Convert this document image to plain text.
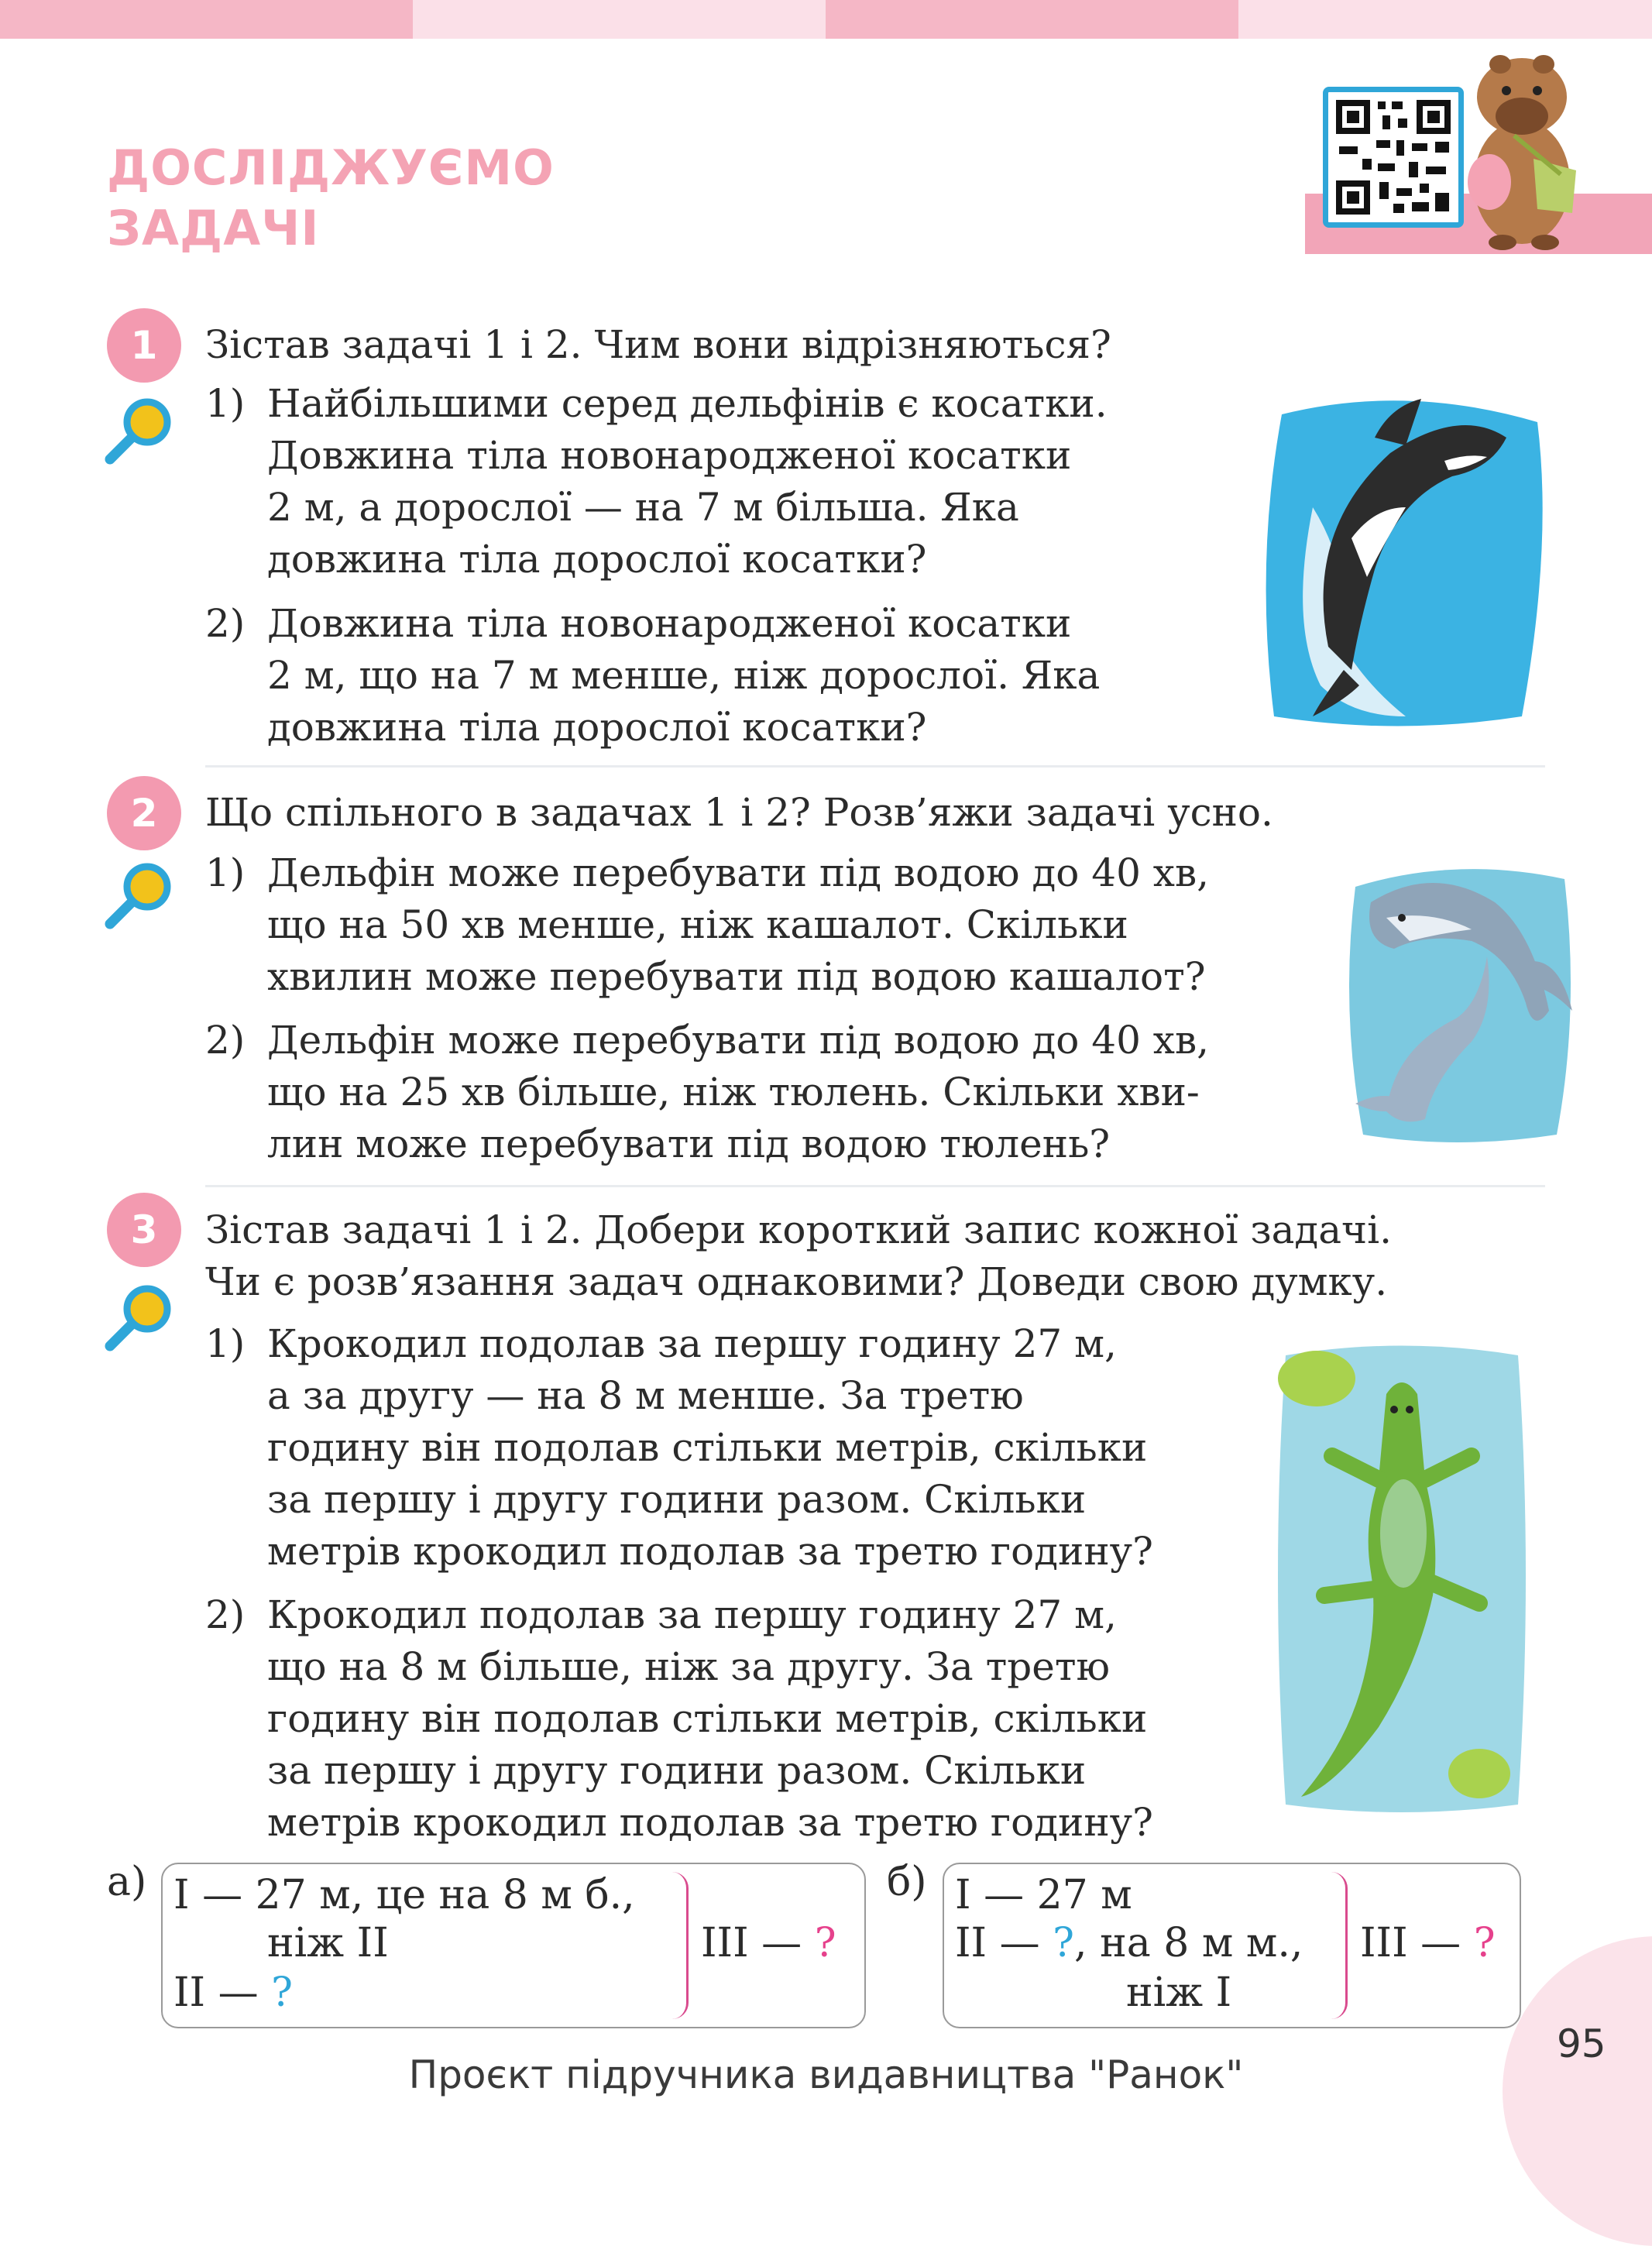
ДОСЛІДЖУЄМО
ЗАДАЧІ
1	Зістав задачі 1 і 2. Чим вони відрізняються?
1) Найбільшими серед дельфінів є косатки.
Довжина тіла новонародженої косатки
2 м, а дорослої — на 7 м більша. Яка
довжина тіла дорослої косатки?
2) Довжина тіла новонародженої косатки
2 м, що на 7 м менше, ніж дорослої. Яка
довжина тіла дорослої косатки?
2	Що спільного в задачах 1 і 2? Розв’яжи задачі усно.
1) Дельфін може перебувати під водою до 40 хв,
що на 50 хв менше, ніж кашалот. Скільки
хвилин може перебувати під водою кашалот?
2) Дельфін може перебувати під водою до 40 хв,
що на 25 хв більше, ніж тюлень. Скільки хви-
лин може перебувати під водою тюлень?
3	Зістав задачі 1 і 2. Добери короткий запис кожної задачі.
Чи є розв’язання задач однаковими? Доведи свою думку.
1) Крокодил подолав за першу годину 27 м,
а за другу — на 8 м менше. За третю
годину він подолав стільки метрів, скільки
за першу і другу години разом. Скільки
метрів крокодил подолав за третю годину?
2) Крокодил подолав за першу годину 27 м,
що на 8 м більше, ніж за другу. За третю
годину він подолав стільки метрів, скільки
за першу і другу години разом. Скільки
метрів крокодил подолав за третю годину?
а) I — 27 м, це на 8 м б.,
ніж II
II — ?
III — ?
б) I — 27 м
II — ?, на 8 м м.,
ніж I
III — ?
95
Проєкт підручника видавництва "Ранок"
